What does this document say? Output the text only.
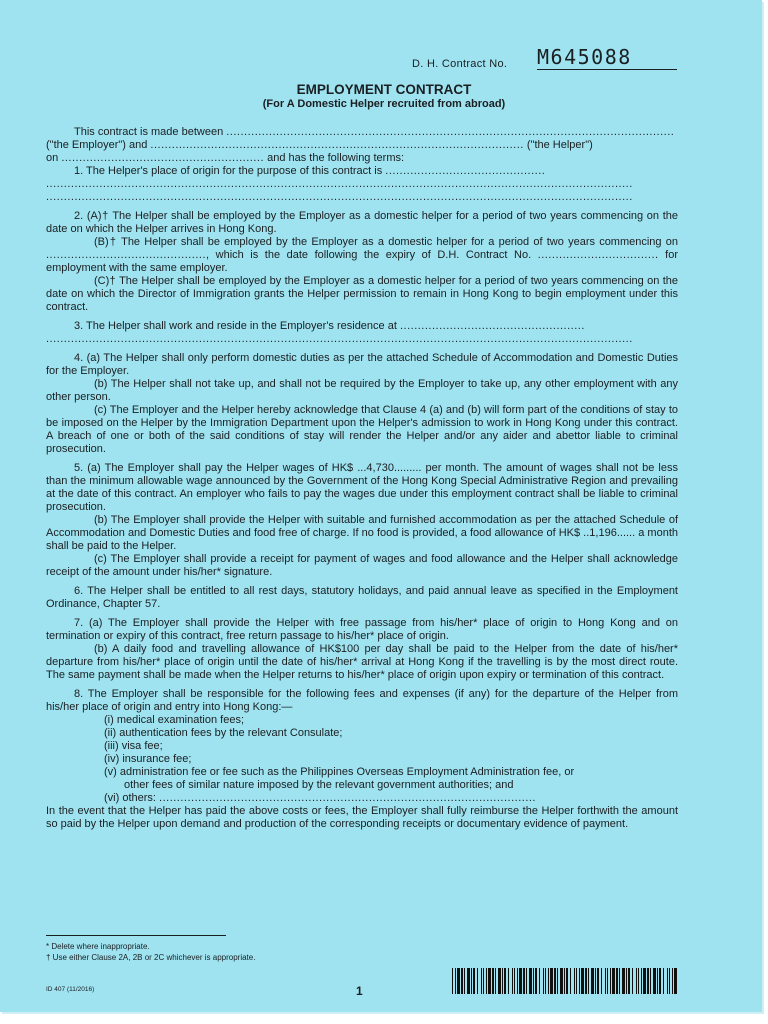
D. H. Contract No. M645088
EMPLOYMENT CONTRACT
(For A Domestic Helper recruited from abroad)

This contract is made between ..............................................................................................................................

("the Employer") and ......................................................................................................... ("the Helper")

on ......................................................... and has the following terms:

1. The Helper's place of origin for the purpose of this contract is .............................................

.....................................................................................................................................................................

.....................................................................................................................................................................

2. (A)† The Helper shall be employed by the Employer as a domestic helper for a period of two years commencing on the date on which the Helper arrives in Hong Kong.

(B)† The Helper shall be employed by the Employer as a domestic helper for a period of two years commencing on ............................................., which is the date following the expiry of D.H. Contract No. .................................. for employment with the same employer.

(C)† The Helper shall be employed by the Employer as a domestic helper for a period of two years commencing on the date on which the Director of Immigration grants the Helper permission to remain in Hong Kong to begin employment under this contract.

3. The Helper shall work and reside in the Employer's residence at ....................................................

.....................................................................................................................................................................

4. (a) The Helper shall only perform domestic duties as per the attached Schedule of Accommodation and Domestic Duties for the Employer.

(b) The Helper shall not take up, and shall not be required by the Employer to take up, any other employment with any other person.

(c) The Employer and the Helper hereby acknowledge that Clause 4 (a) and (b) will form part of the conditions of stay to be imposed on the Helper by the Immigration Department upon the Helper's admission to work in Hong Kong under this contract. A breach of one or both of the said conditions of stay will render the Helper and/or any aider and abettor liable to criminal prosecution.

5. (a) The Employer shall pay the Helper wages of HK$ ...4,730......... per month. The amount of wages shall not be less than the minimum allowable wage announced by the Government of the Hong Kong Special Administrative Region and prevailing at the date of this contract. An employer who fails to pay the wages due under this employment contract shall be liable to criminal prosecution.

(b) The Employer shall provide the Helper with suitable and furnished accommodation as per the attached Schedule of Accommodation and Domestic Duties and food free of charge. If no food is provided, a food allowance of HK$ ..1,196...... a month shall be paid to the Helper.

(c) The Employer shall provide a receipt for payment of wages and food allowance and the Helper shall acknowledge receipt of the amount under his/her* signature.

6. The Helper shall be entitled to all rest days, statutory holidays, and paid annual leave as specified in the Employment Ordinance, Chapter 57.

7. (a) The Employer shall provide the Helper with free passage from his/her* place of origin to Hong Kong and on termination or expiry of this contract, free return passage to his/her* place of origin.

(b) A daily food and travelling allowance of HK$100 per day shall be paid to the Helper from the date of his/her* departure from his/her* place of origin until the date of his/her* arrival at Hong Kong if the travelling is by the most direct route. The same payment shall be made when the Helper returns to his/her* place of origin upon expiry or termination of this contract.

8. The Employer shall be responsible for the following fees and expenses (if any) for the departure of the Helper from his/her place of origin and entry into Hong Kong:—

(i) medical examination fees;
(ii) authentication fees by the relevant Consulate;
(iii) visa fee;
(iv) insurance fee;
(v) administration fee or fee such as the Philippines Overseas Employment Administration fee, or
other fees of similar nature imposed by the relevant government authorities; and
(vi) others: ..........................................................................................................

In the event that the Helper has paid the above costs or fees, the Employer shall fully reimburse the Helper forthwith the amount so paid by the Helper upon demand and production of the corresponding receipts or documentary evidence of payment.

* Delete where inappropriate.
† Use either Clause 2A, 2B or 2C whichever is appropriate.
ID 407 (11/2016)	1
